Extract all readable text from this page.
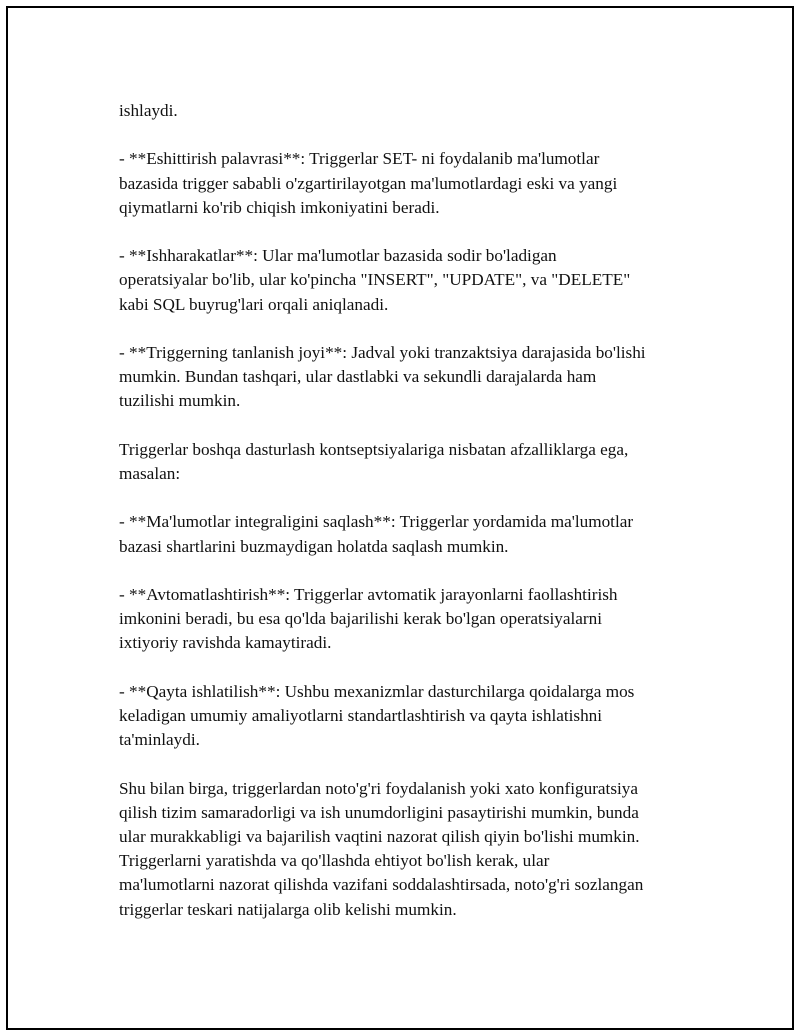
ishlaydi.

- **Eshittirish palavrasi**: Triggerlar SET- ni foydalanib ma'lumotlar
bazasida trigger sababli o'zgartirilayotgan ma'lumotlardagi eski va yangi
qiymatlarni ko'rib chiqish imkoniyatini beradi.

- **Ishharakatlar**: Ular ma'lumotlar bazasida sodir bo'ladigan
operatsiyalar bo'lib, ular ko'pincha "INSERT", "UPDATE", va "DELETE"
kabi SQL buyrug'lari orqali aniqlanadi.

- **Triggerning tanlanish joyi**: Jadval yoki tranzaktsiya darajasida bo'lishi
mumkin. Bundan tashqari, ular dastlabki va sekundli darajalarda ham
tuzilishi mumkin.

Triggerlar boshqa dasturlash kontseptsiyalariga nisbatan afzalliklarga ega,
masalan:

- **Ma'lumotlar integraligini saqlash**: Triggerlar yordamida ma'lumotlar
bazasi shartlarini buzmaydigan holatda saqlash mumkin.

- **Avtomatlashtirish**: Triggerlar avtomatik jarayonlarni faollashtirish
imkonini beradi, bu esa qo'lda bajarilishi kerak bo'lgan operatsiyalarni
ixtiyoriy ravishda kamaytiradi.

- **Qayta ishlatilish**: Ushbu mexanizmlar dasturchilarga qoidalarga mos
keladigan umumiy amaliyotlarni standartlashtirish va qayta ishlatishni
ta'minlaydi.

Shu bilan birga, triggerlardan noto'g'ri foydalanish yoki xato konfiguratsiya
qilish tizim samaradorligi va ish unumdorligini pasaytirishi mumkin, bunda
ular murakkabligi va bajarilish vaqtini nazorat qilish qiyin bo'lishi mumkin.
Triggerlarni yaratishda va qo'llashda ehtiyot bo'lish kerak, ular
ma'lumotlarni nazorat qilishda vazifani soddalashtirsada, noto'g'ri sozlangan
triggerlar teskari natijalarga olib kelishi mumkin.
